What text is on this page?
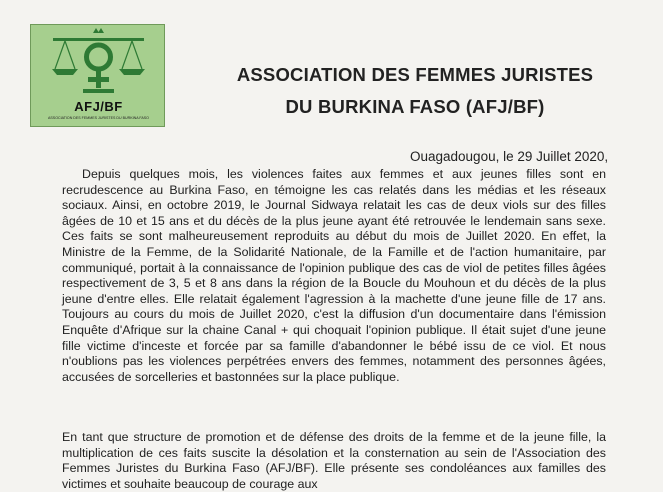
AFJ/BF
ASSOCIATION DES FEMMES JURISTES DU BURKINA FASO
ASSOCIATION DES FEMMES JURISTES
DU BURKINA FASO (AFJ/BF)
Ouagadougou, le 29 Juillet 2020,
Depuis quelques mois, les violences faites aux femmes et aux jeunes filles sont en recrudescence au Burkina Faso, en témoigne les cas relatés dans les médias et les réseaux sociaux. Ainsi, en octobre 2019, le Journal Sidwaya relatait les cas de deux viols sur des filles âgées de 10 et 15 ans et du décès de la plus jeune ayant été retrouvée le lendemain sans sexe. Ces faits se sont malheureusement reproduits au début du mois de Juillet 2020. En effet, la Ministre de la Femme, de la Solidarité Nationale, de la Famille et de l'action humanitaire, par communiqué, portait à la connaissance de l'opinion publique des cas de viol de petites filles âgées respectivement de 3, 5 et 8 ans dans la région de la Boucle du Mouhoun et du décès de la plus jeune d'entre elles. Elle relatait également l'agression à la machette d'une jeune fille de 17 ans. Toujours au cours du mois de Juillet 2020, c'est la diffusion d'un documentaire dans l'émission Enquête d'Afrique sur la chaine Canal + qui choquait l'opinion publique. Il était sujet d'une jeune fille victime d'inceste et forcée par sa famille d'abandonner le bébé issu de ce viol. Et nous n'oublions pas les violences perpétrées envers des femmes, notamment des personnes âgées, accusées de sorcelleries et bastonnées sur la place publique.
En tant que structure de promotion et de défense des droits de la femme et de la jeune fille, la multiplication de ces faits suscite la désolation et la consternation au sein de l'Association des Femmes Juristes du Burkina Faso (AFJ/BF). Elle présente ses condoléances aux familles des victimes et souhaite beaucoup de courage aux
